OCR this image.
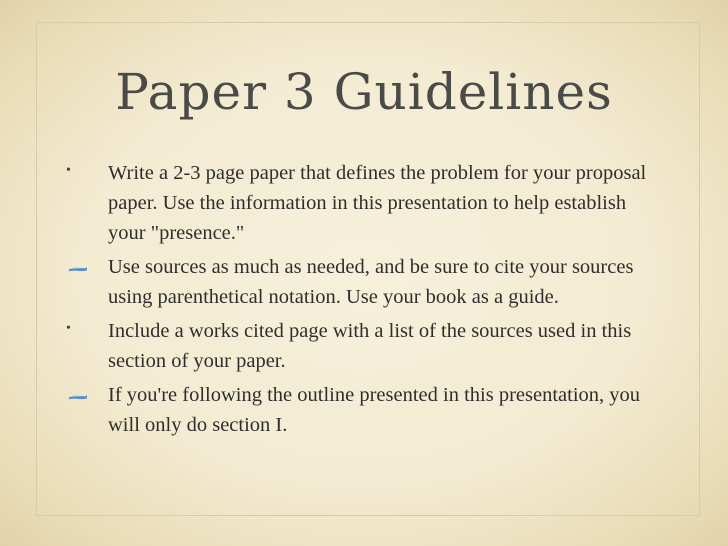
Paper 3 Guidelines
• Write a 2-3 page paper that defines the problem for your proposal paper. Use the information in this presentation to help establish your "presence."
Use sources as much as needed, and be sure to cite your sources using parenthetical notation. Use your book as a guide.
• Include a works cited page with a list of the sources used in this section of your paper.
If you're following the outline presented in this presentation, you will only do section I.
